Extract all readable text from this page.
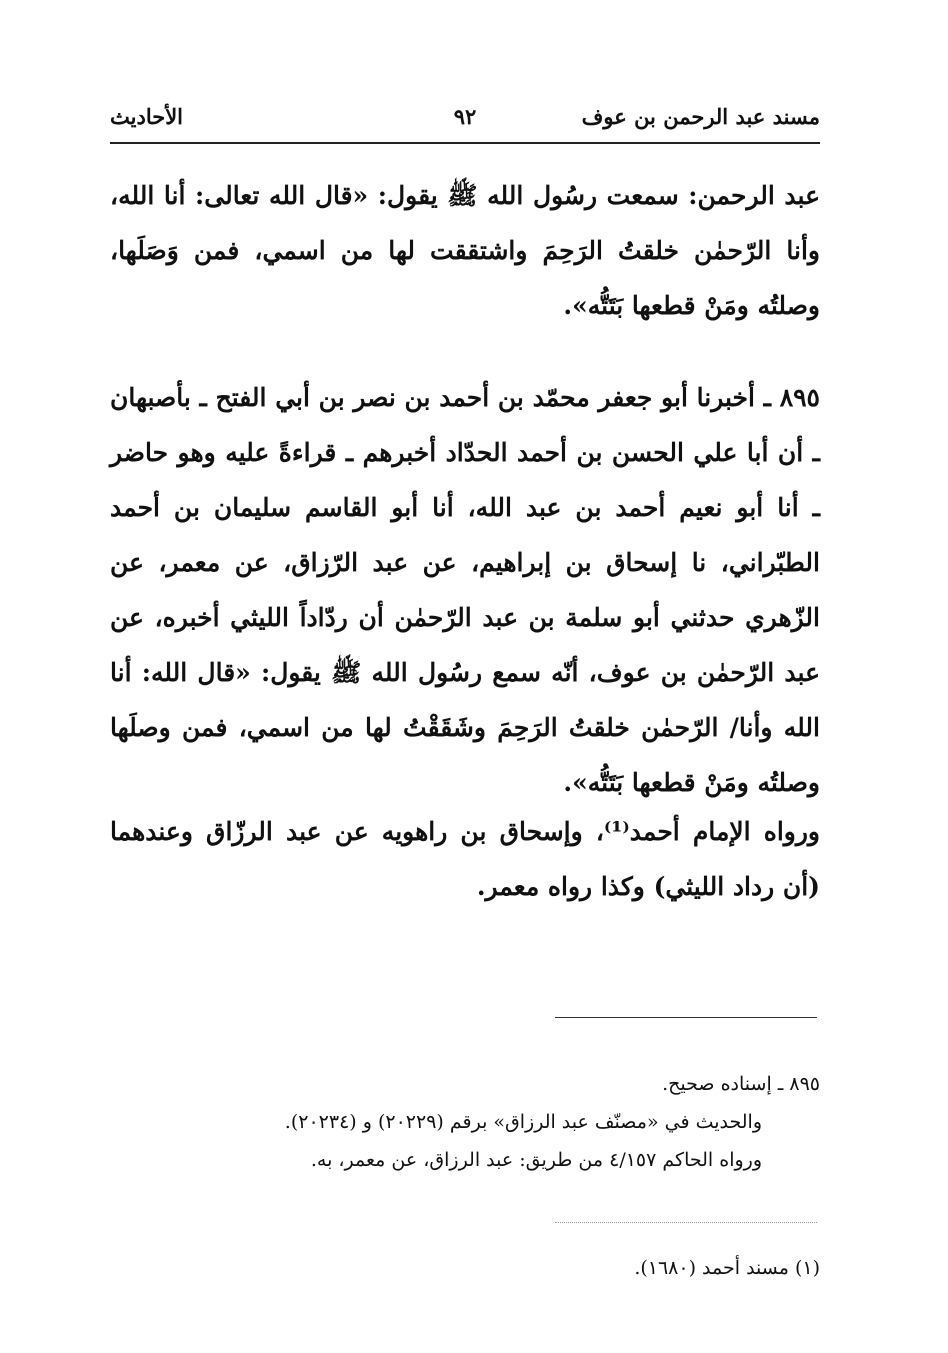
مسند عبد الرحمن بن عوف
٩٢
الأحاديث

عبد الرحمن: سمعت رسُول الله ﷺ يقول: «قال الله تعالى: أنا الله، وأنا الرّحمٰن خلقتُ الرَحِمَ واشتققت لها من اسمي، فمن وَصَلَها، وصلتُه ومَنْ قطعها بَتَتُّه».

٨٩٥ ـ أخبرنا أبو جعفر محمّد بن أحمد بن نصر بن أبي الفتح ـ بأصبهان ـ أن أبا علي الحسن بن أحمد الحدّاد أخبرهم ـ قراءةً عليه وهو حاضر ـ أنا أبو نعيم أحمد بن عبد الله، أنا أبو القاسم سليمان بن أحمد الطبّراني، نا إسحاق بن إبراهيم، عن عبد الرّزاق، عن معمر، عن الزّهري حدثني أبو سلمة بن عبد الرّحمٰن أن ردّاداً الليثي أخبره، عن عبد الرّحمٰن بن عوف، أنّه سمع رسُول الله ﷺ يقول: «قال الله: أنا الله وأنا/ الرّحمٰن خلقتُ الرَحِمَ وشَقَقْتُ لها من اسمي، فمن وصلَها وصلتُه ومَنْ قطعها بَتَتُّه».

ورواه الإمام أحمد⁽¹⁾، وإسحاق بن راهويه عن عبد الرزّاق وعندهما (أن رداد الليثي) وكذا رواه معمر.

٨٩٥ ـ إسناده صحيح.

والحديث في «مصنّف عبد الرزاق» برقم (٢٠٢٢٩) و (٢٠٢٣٤).

ورواه الحاكم ٤/١٥٧ من طريق: عبد الرزاق، عن معمر، به.

(١) مسند أحمد (١٦٨٠).
